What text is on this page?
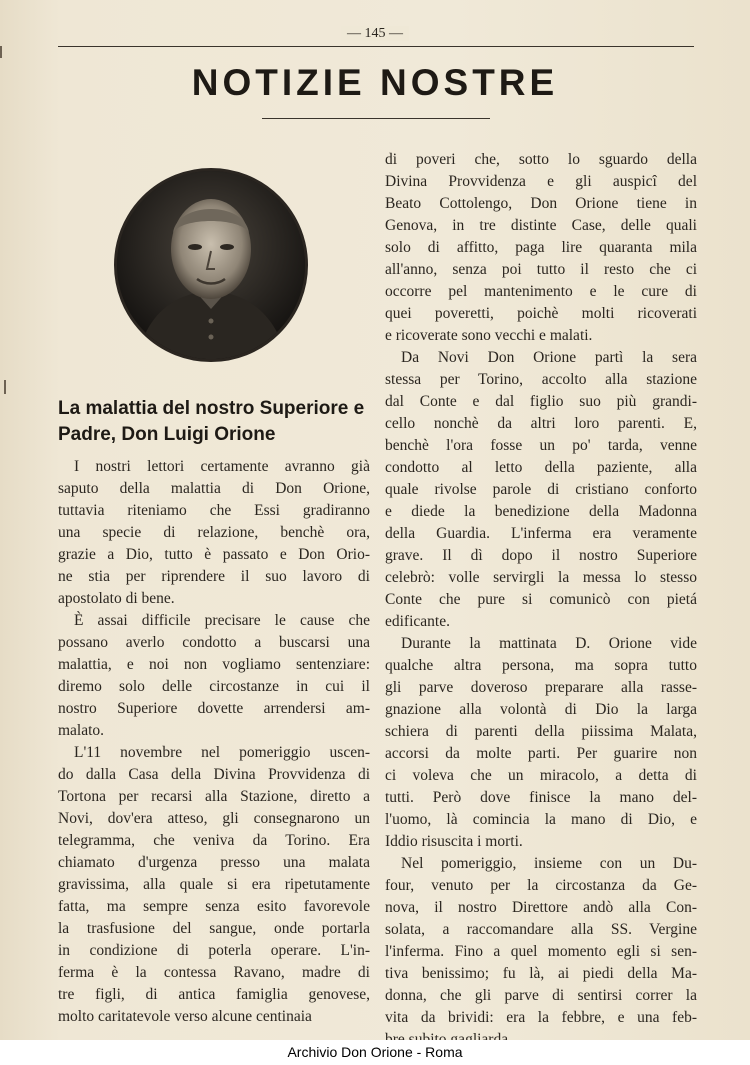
— 145 —
NOTIZIE NOSTRE
La malattia del nostro Superiore e Padre, Don Luigi Orione

I nostri lettori certamente avranno già
saputo della malattia di Don Orione,
tuttavia riteniamo che Essi gradiranno
una specie di relazione, benchè ora,
grazie a Dio, tutto è passato e Don Orio-
ne stia per riprendere il suo lavoro di
apostolato di bene.

È assai difficile precisare le cause che
possano averlo condotto a buscarsi una
malattia, e noi non vogliamo sentenziare:
diremo solo delle circostanze in cui il
nostro Superiore dovette arrendersi am-
malato.

L'11 novembre nel pomeriggio uscen-
do dalla Casa della Divina Provvidenza di
Tortona per recarsi alla Stazione, diretto a
Novi, dov'era atteso, gli consegnarono un
telegramma, che veniva da Torino. Era
chiamato d'urgenza presso una malata
gravissima, alla quale si era ripetutamente
fatta, ma sempre senza esito favorevole
la trasfusione del sangue, onde portarla
in condizione di poterla operare. L'in-
ferma è la contessa Ravano, madre di
tre figli, di antica famiglia genovese,
molto caritatevole verso alcune centinaia

di poveri che, sotto lo sguardo della
Divina Provvidenza e gli auspicî del
Beato Cottolengo, Don Orione tiene in
Genova, in tre distinte Case, delle quali
solo di affitto, paga lire quaranta mila
all'anno, senza poi tutto il resto che ci
occorre pel mantenimento e le cure di
quei poveretti, poichè molti ricoverati
e ricoverate sono vecchi e malati.

Da Novi Don Orione partì la sera
stessa per Torino, accolto alla stazione
dal Conte e dal figlio suo più grandi-
cello nonchè da altri loro parenti. E,
benchè l'ora fosse un po' tarda, venne
condotto al letto della paziente, alla
quale rivolse parole di cristiano conforto
e diede la benedizione della Madonna
della Guardia. L'inferma era veramente
grave. Il dì dopo il nostro Superiore
celebrò: volle servirgli la messa lo stesso
Conte che pure si comunicò con pietá
edificante.

Durante la mattinata D. Orione vide
qualche altra persona, ma sopra tutto
gli parve doveroso preparare alla rasse-
gnazione alla volontà di Dio la larga
schiera di parenti della piissima Malata,
accorsi da molte parti. Per guarire non
ci voleva che un miracolo, a detta di
tutti. Però dove finisce la mano del-
l'uomo, là comincia la mano di Dio, e
Iddio risuscita i morti.

Nel pomeriggio, insieme con un Du-
four, venuto per la circostanza da Ge-
nova, il nostro Direttore andò alla Con-
solata, a raccomandare alla SS. Vergine
l'inferma. Fino a quel momento egli si sen-
tiva benissimo; fu là, ai piedi della Ma-
donna, che gli parve di sentirsi correr la
vita da brividi: era la febbre, e una feb-

Archivio Don Orione - Roma
